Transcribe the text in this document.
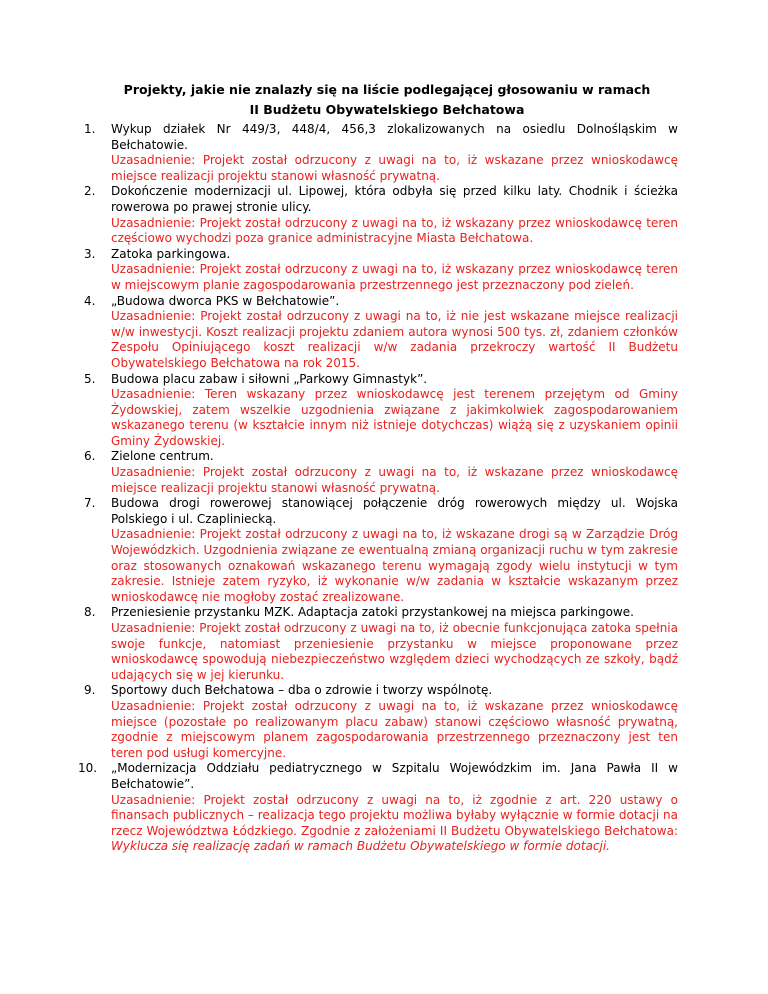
Projekty, jakie nie znalazły się na liście podlegającej głosowaniu w ramach
II Budżetu Obywatelskiego Bełchatowa
1.	Wykup działek Nr 449/3, 448/4, 456,3 zlokalizowanych na osiedlu Dolnośląskim w Bełchatowie.
Uzasadnienie: Projekt został odrzucony z uwagi na to, iż wskazane przez wnioskodawcę miejsce realizacji projektu stanowi własność prywatną.
2.	Dokończenie modernizacji ul. Lipowej, która odbyła się przed kilku laty. Chodnik i ścieżka rowerowa po prawej stronie ulicy.
Uzasadnienie: Projekt został odrzucony z uwagi na to, iż wskazany przez wnioskodawcę teren częściowo wychodzi poza granice administracyjne Miasta Bełchatowa.
3.	Zatoka parkingowa.
Uzasadnienie: Projekt został odrzucony z uwagi na to, iż wskazany przez wnioskodawcę teren w miejscowym planie zagospodarowania przestrzennego jest przeznaczony pod zieleń.
4.	„Budowa dworca PKS w Bełchatowie”.
Uzasadnienie: Projekt został odrzucony z uwagi na to, iż nie jest wskazane miejsce realizacji w/w inwestycji. Koszt realizacji projektu zdaniem autora wynosi 500 tys. zł, zdaniem członków Zespołu Opiniującego koszt realizacji w/w zadania przekroczy wartość II Budżetu Obywatelskiego Bełchatowa na rok 2015.
5.	Budowa placu zabaw i siłowni „Parkowy Gimnastyk”.
Uzasadnienie: Teren wskazany przez wnioskodawcę jest terenem przejętym od Gminy Żydowskiej, zatem wszelkie uzgodnienia związane z jakimkolwiek zagospodarowaniem wskazanego terenu (w kształcie innym niż istnieje dotychczas) wiążą się z uzyskaniem opinii Gminy Żydowskiej.
6.	Zielone centrum.
Uzasadnienie: Projekt został odrzucony z uwagi na to, iż wskazane przez wnioskodawcę miejsce realizacji projektu stanowi własność prywatną.
7.	Budowa drogi rowerowej stanowiącej połączenie dróg rowerowych między ul. Wojska Polskiego i ul. Czapliniecką.
Uzasadnienie: Projekt został odrzucony z uwagi na to, iż wskazane drogi są w Zarządzie Dróg Wojewódzkich. Uzgodnienia związane ze ewentualną zmianą organizacji ruchu w tym zakresie oraz stosowanych oznakowań wskazanego terenu wymagają zgody wielu instytucji w tym zakresie. Istnieje zatem ryzyko, iż wykonanie w/w zadania w kształcie wskazanym przez wnioskodawcę nie mogłoby zostać zrealizowane.
8.	Przeniesienie przystanku MZK. Adaptacja zatoki przystankowej na miejsca parkingowe.
Uzasadnienie: Projekt został odrzucony z uwagi na to, iż obecnie funkcjonująca zatoka spełnia swoje funkcje, natomiast przeniesienie przystanku w miejsce proponowane przez wnioskodawcę spowodują niebezpieczeństwo względem dzieci wychodzących ze szkoły, bądź udających się w jej kierunku.
9.	Sportowy duch Bełchatowa – dba o zdrowie i tworzy wspólnotę.
Uzasadnienie: Projekt został odrzucony z uwagi na to, iż wskazane przez wnioskodawcę miejsce (pozostałe po realizowanym placu zabaw) stanowi częściowo własność prywatną, zgodnie z miejscowym planem zagospodarowania przestrzennego przeznaczony jest ten teren pod usługi komercyjne.
10.	„Modernizacja Oddziału pediatrycznego w Szpitalu Wojewódzkim im. Jana Pawła II w Bełchatowie”.
Uzasadnienie: Projekt został odrzucony z uwagi na to, iż zgodnie z art. 220 ustawy o finansach publicznych – realizacja tego projektu możliwa byłaby wyłącznie w formie dotacji na rzecz Województwa Łódzkiego. Zgodnie z założeniami II Budżetu Obywatelskiego Bełchatowa: Wyklucza się realizację zadań w ramach Budżetu Obywatelskiego w formie dotacji.
